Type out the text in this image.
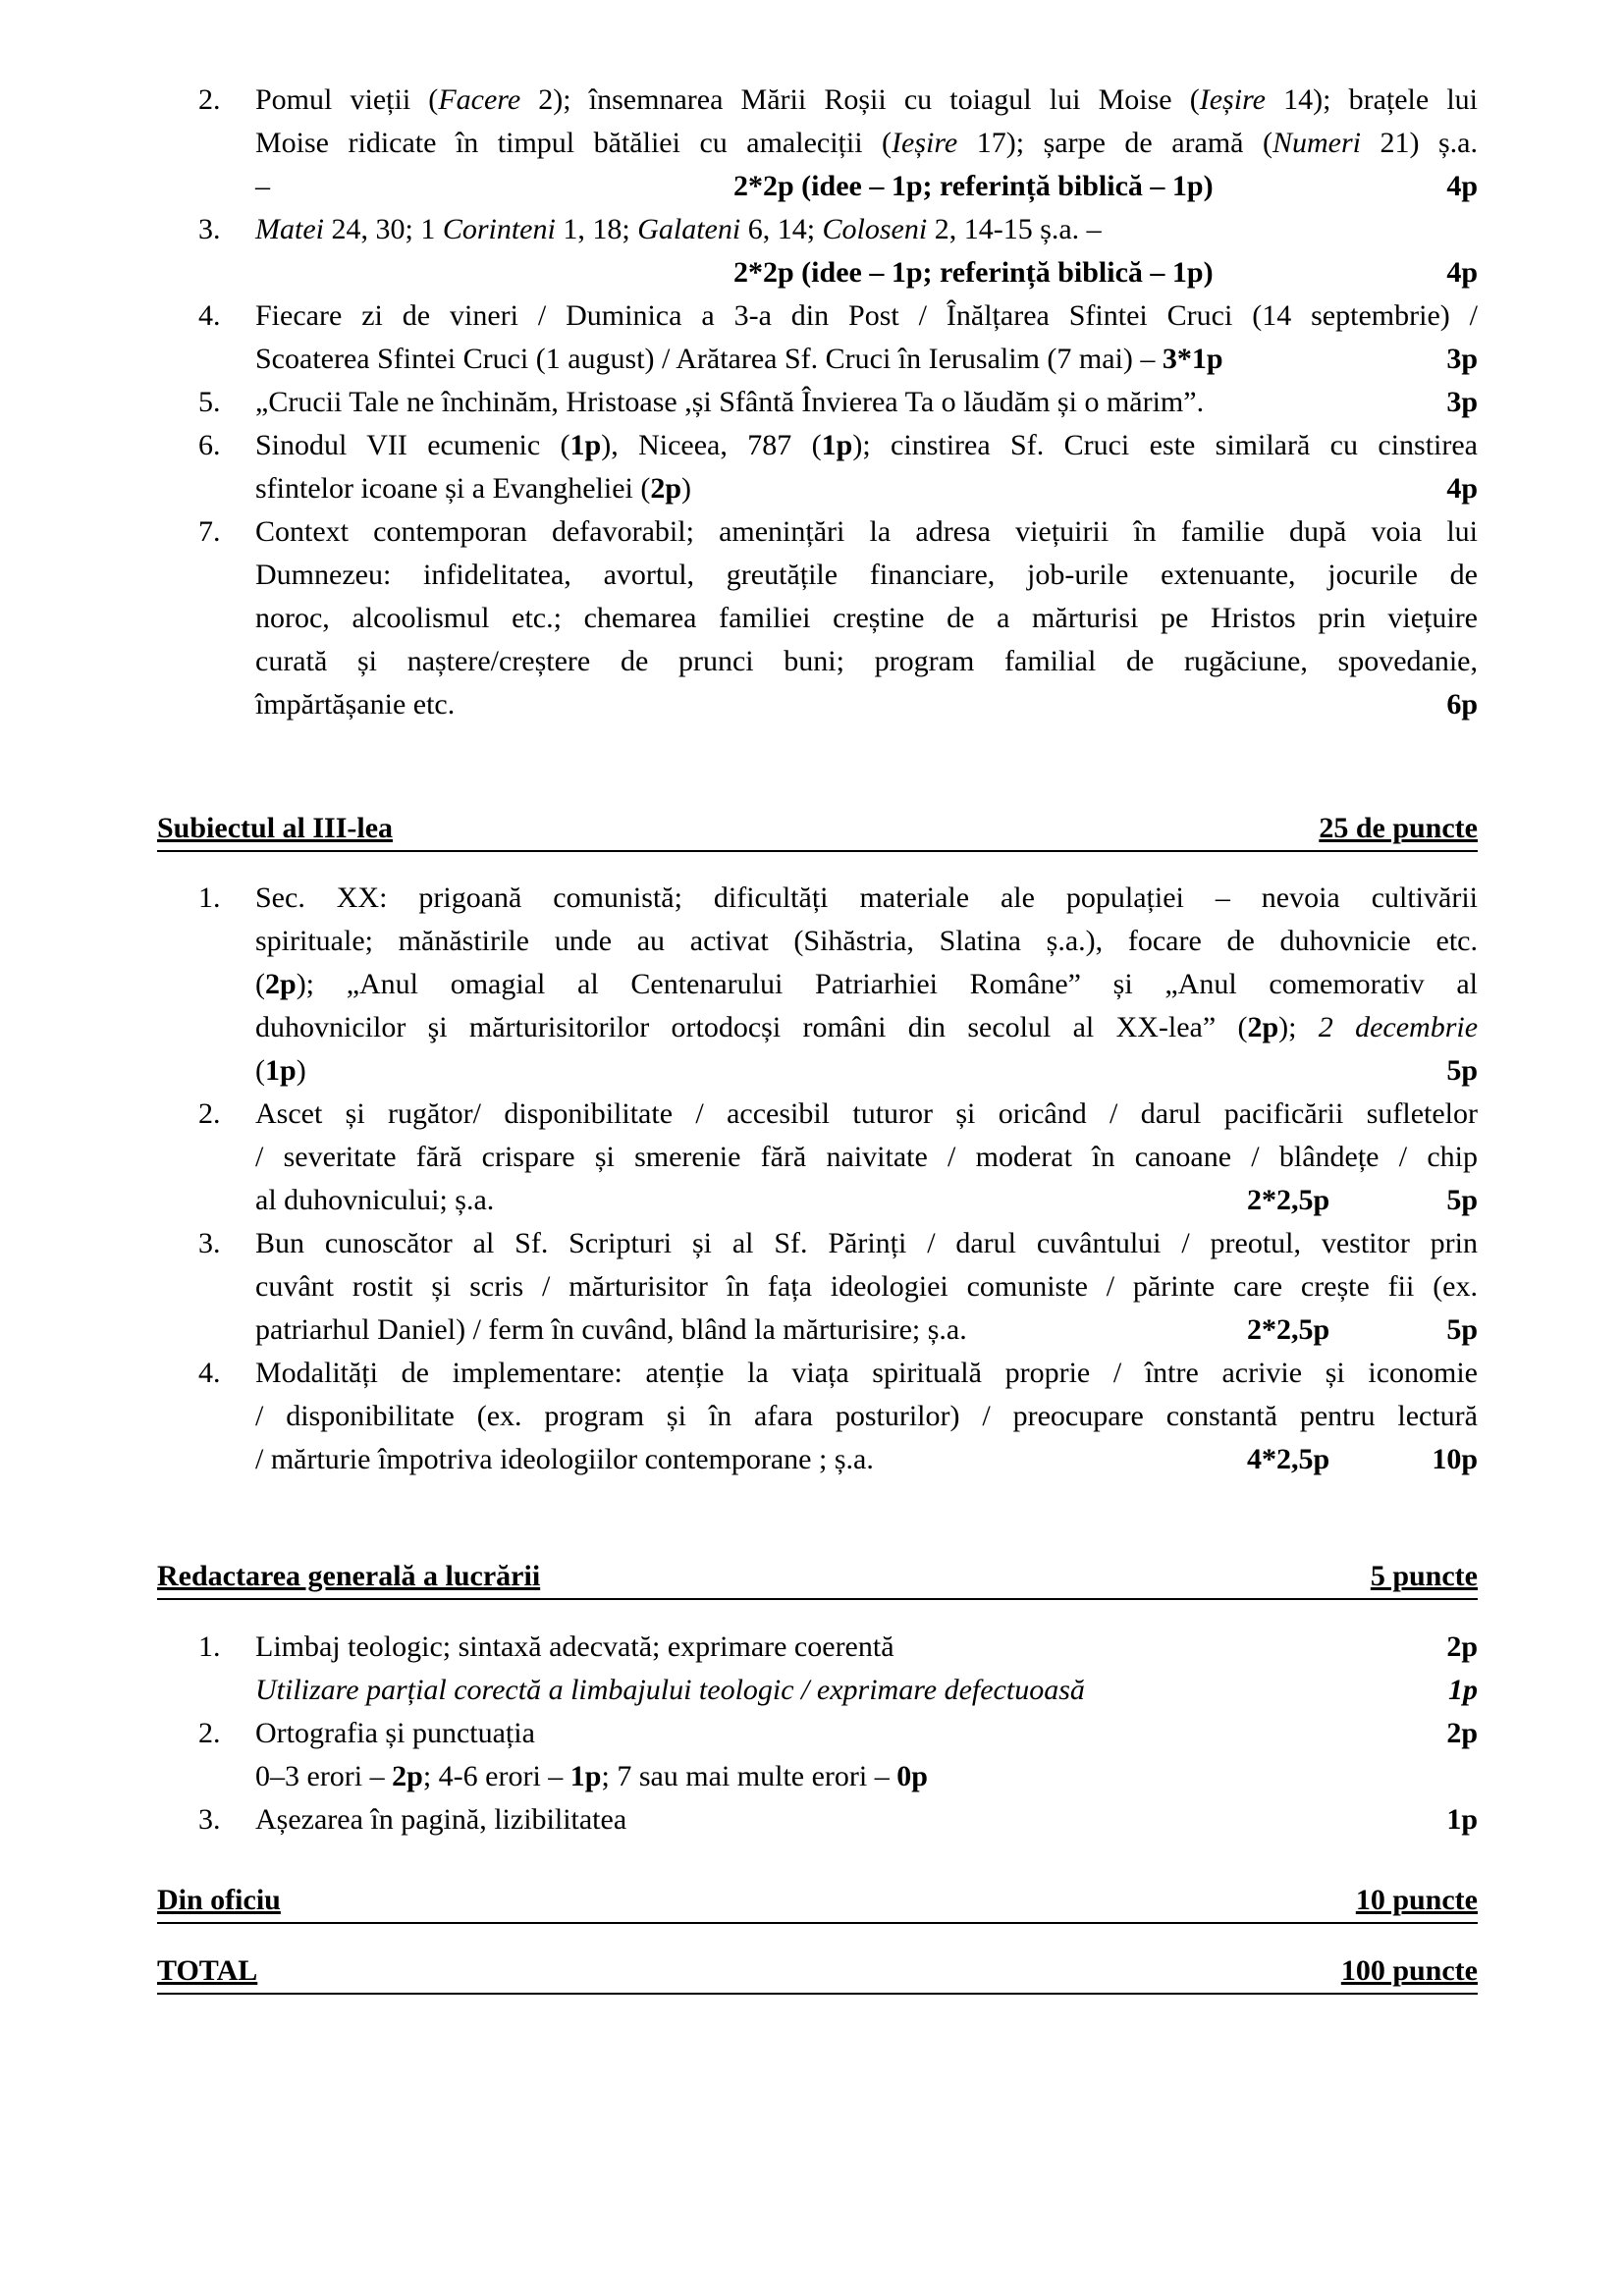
2.	Pomul vieții (Facere 2); însemnarea Mării Roșii cu toiagul lui Moise (Ieșire 14); brațele lui
Moise ridicate în timpul bătăliei cu amaleciții (Ieșire 17); șarpe de aramă (Numeri 21) ș.a.
–	2*2p (idee – 1p; referință biblică – 1p)	4p
3.	Matei 24, 30; 1 Corinteni 1, 18; Galateni 6, 14; Coloseni 2, 14-15 ș.a. –
2*2p (idee – 1p; referință biblică – 1p)	4p
4.	Fiecare zi de vineri / Duminica a 3-a din Post / Înălțarea Sfintei Cruci (14 septembrie) /
Scoaterea Sfintei Cruci (1 august) / Arătarea Sf. Cruci în Ierusalim (7 mai) – 3*1p	3p
5.	„Crucii Tale ne închinăm, Hristoase ,și Sfântă Învierea Ta o lăudăm și o mărim”.	3p
6.	Sinodul VII ecumenic (1p), Niceea, 787 (1p); cinstirea Sf. Cruci este similară cu cinstirea
sfintelor icoane și a Evangheliei (2p)	4p
7.	Context contemporan defavorabil; amenințări la adresa viețuirii în familie după voia lui
Dumnezeu: infidelitatea, avortul, greutățile financiare, job-urile extenuante, jocurile de
noroc, alcoolismul etc.; chemarea familiei creștine de a mărturisi pe Hristos prin viețuire
curată și naștere/creștere de prunci buni; program familial de rugăciune, spovedanie,
împărtășanie etc.	6p
Subiectul al III-lea	25 de puncte
1.	Sec. XX: prigoană comunistă; dificultăți materiale ale populației – nevoia cultivării
spirituale; mănăstirile unde au activat (Sihăstria, Slatina ș.a.), focare de duhovnicie etc.
(2p); „Anul omagial al Centenarului Patriarhiei Române” și „Anul comemorativ al
duhovnicilor şi mărturisitorilor ortodocși români din secolul al XX-lea” (2p); 2 decembrie
(1p)	5p
2.	Ascet și rugător/ disponibilitate / accesibil tuturor și oricând / darul pacificării sufletelor
/ severitate fără crispare și smerenie fără naivitate / moderat în canoane / blândețe / chip
al duhovnicului; ș.a.	2*2,5p	5p
3.	Bun cunoscător al Sf. Scripturi și al Sf. Părinți / darul cuvântului / preotul, vestitor prin
cuvânt rostit și scris / mărturisitor în fața ideologiei comuniste / părinte care crește fii (ex.
patriarhul Daniel) / ferm în cuvând, blând la mărturisire; ș.a.	2*2,5p	5p
4.	Modalități de implementare: atenție la viața spirituală proprie / între acrivie și iconomie
/ disponibilitate (ex. program și în afara posturilor) / preocupare constantă pentru lectură
/ mărturie împotriva ideologiilor contemporane ; ș.a.	4*2,5p	10p
Redactarea generală a lucrării	5 puncte
1.	Limbaj teologic; sintaxă adecvată; exprimare coerentă	2p
Utilizare parțial corectă a limbajului teologic / exprimare defectuoasă	1p
2.	Ortografia și punctuația	2p
0–3 erori – 2p; 4-6 erori – 1p; 7 sau mai multe erori – 0p
3.	Așezarea în pagină, lizibilitatea	1p
Din oficiu	10 puncte
TOTAL	100 puncte
